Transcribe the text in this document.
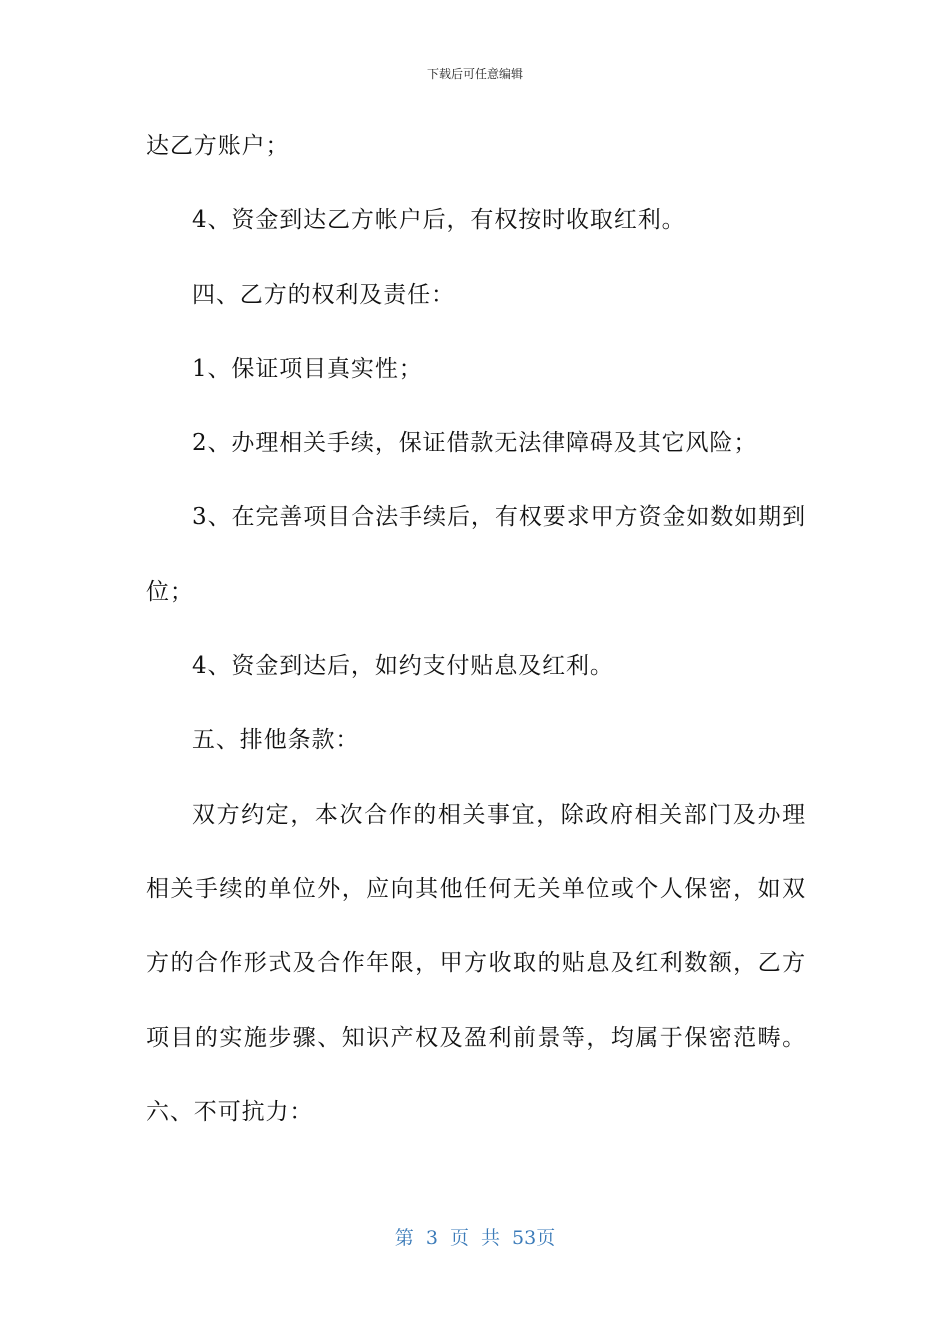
下载后可任意编辑
达乙方账户；
4、资金到达乙方帐户后，有权按时收取红利。
四、乙方的权利及责任：
1、保证项目真实性；
2、办理相关手续，保证借款无法律障碍及其它风险；
3、在完善项目合法手续后，有权要求甲方资金如数如期到
位；
4、资金到达后，如约支付贴息及红利。
五、排他条款：
双方约定，本次合作的相关事宜，除政府相关部门及办理
相关手续的单位外，应向其他任何无关单位或个人保密，如双
方的合作形式及合作年限，甲方收取的贴息及红利数额，乙方
项目的实施步骤、知识产权及盈利前景等，均属于保密范畴。
六、不可抗力：
第 3 页 共 53页
